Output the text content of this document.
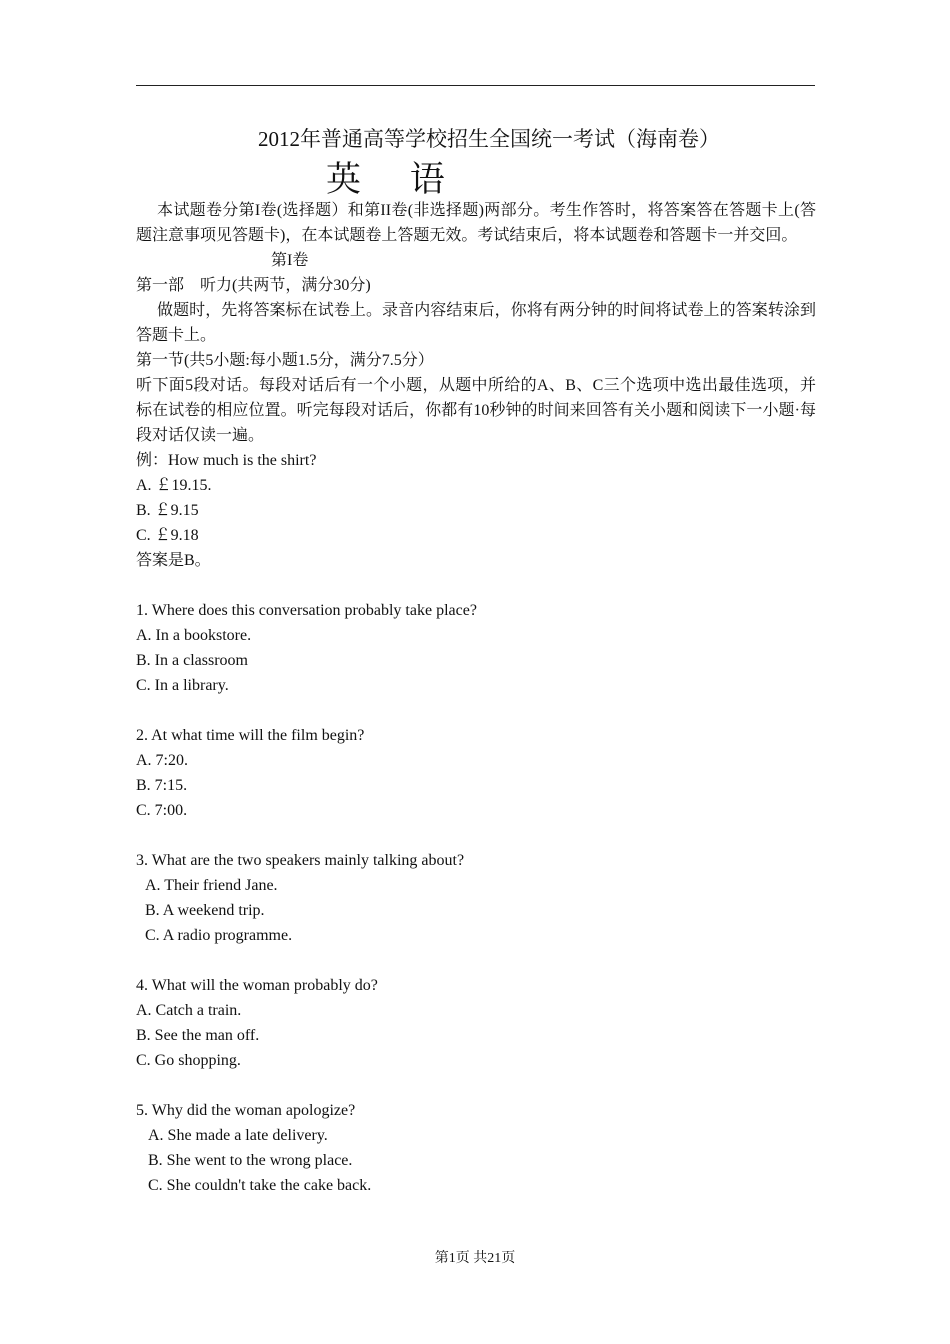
2012年普通高等学校招生全国统一考试（海南卷）
英 语
本试题卷分第I卷(选择题）和第II卷(非选择题)两部分。考生作答时，将答案答在答题卡上(答题注意事项见答题卡)，在本试题卷上答题无效。考试结束后，将本试题卷和答题卡一并交回。
第I卷
第一部　听力(共两节，满分30分)
做题时，先将答案标在试卷上。录音内容结束后，你将有两分钟的时间将试卷上的答案转涂到答题卡上。
第一节(共5小题:每小题1.5分，满分7.5分）
听下面5段对话。每段对话后有一个小题，从题中所给的A、B、C三个选项中选出最佳选项，并标在试卷的相应位置。听完每段对话后，你都有10秒钟的时间来回答有关小题和阅读下一小题·每段对话仅读一遍。
例：How much is the shirt?
A. ￡19.15.
B. ￡9.15
C. ￡9.18
答案是B。
1. Where does this conversation probably take place?
A. In a bookstore.
B. In a classroom
C. In a library.
2. At what time will the film begin?
A. 7:20.
B. 7:15.
C. 7:00.
3. What are the two speakers mainly talking about?
A. Their friend Jane.
B. A weekend trip.
C. A radio programme.
4. What will the woman probably do?
A. Catch a train.
B. See the man off.
C. Go shopping.
5. Why did the woman apologize?
A. She made a late delivery.
B. She went to the wrong place.
C. She couldn't take the cake back.
第1页 共21页
